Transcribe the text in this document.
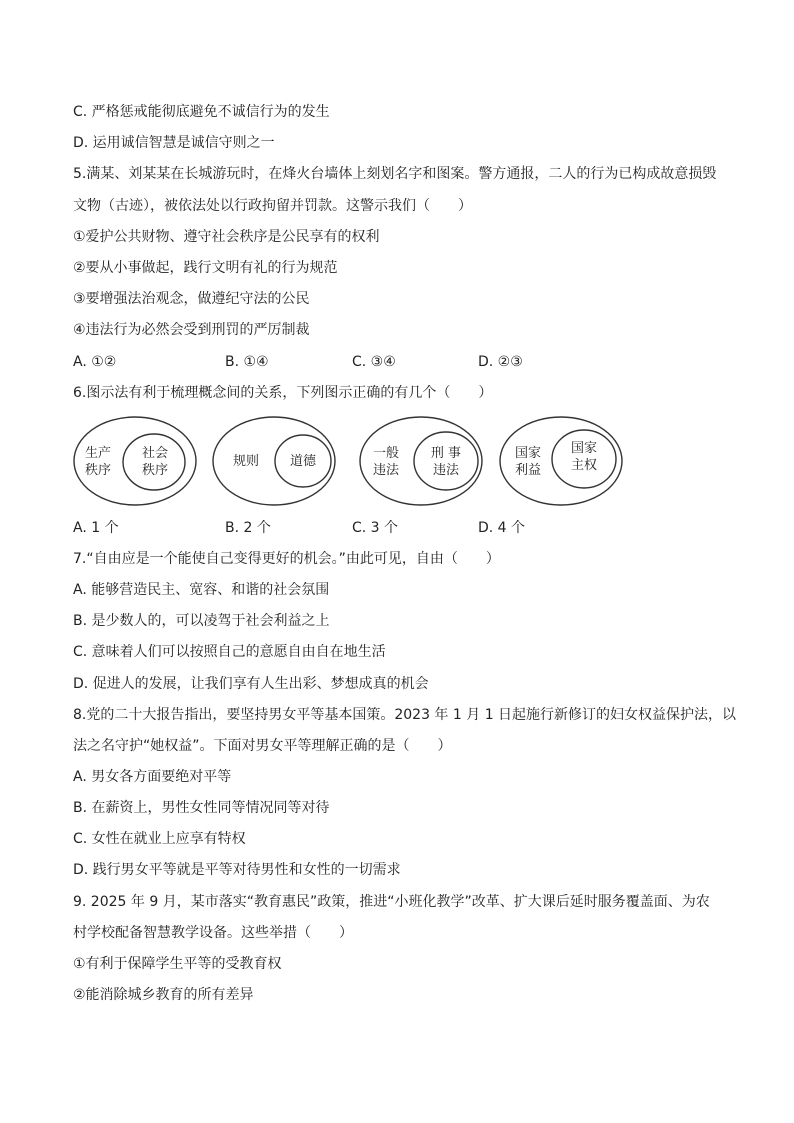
C. 严格惩戒能彻底避免不诚信行为的发生
D. 运用诚信智慧是诚信守则之一
5.满某、刘某某在长城游玩时，在烽火台墙体上刻划名字和图案。警方通报，二人的行为已构成故意损毁
文物（古迹），被依法处以行政拘留并罚款。这警示我们（　　）
①爱护公共财物、遵守社会秩序是公民享有的权利
②要从小事做起，践行文明有礼的行为规范
③要增强法治观念，做遵纪守法的公民
④违法行为必然会受到刑罚的严厉制裁
A. ①②	B. ①④	C. ③④	D. ②③
6.图示法有利于梳理概念间的关系，下列图示正确的有几个（　　）
生产
秩序
社会
秩序
规则	道德
一般
违法
刑 事
违法
国家
利益
国家
主权
A. 1 个	B. 2 个	C. 3 个	D. 4 个
7.“自由应是一个能使自己变得更好的机会。”由此可见，自由（　　）
A. 能够营造民主、宽容、和谐的社会氛围
B. 是少数人的，可以凌驾于社会利益之上
C. 意味着人们可以按照自己的意愿自由自在地生活
D. 促进人的发展，让我们享有人生出彩、梦想成真的机会
8.党的二十大报告指出，要坚持男女平等基本国策。2023 年 1 月 1 日起施行新修订的妇女权益保护法，以
法之名守护“她权益”。下面对男女平等理解正确的是（　　）
A. 男女各方面要绝对平等
B. 在薪资上，男性女性同等情况同等对待
C. 女性在就业上应享有特权
D. 践行男女平等就是平等对待男性和女性的一切需求
9. 2025 年 9 月，某市落实“教育惠民”政策，推进“小班化教学”改革、扩大课后延时服务覆盖面、为农
村学校配备智慧教学设备。这些举措（　　）
①有利于保障学生平等的受教育权
②能消除城乡教育的所有差异
